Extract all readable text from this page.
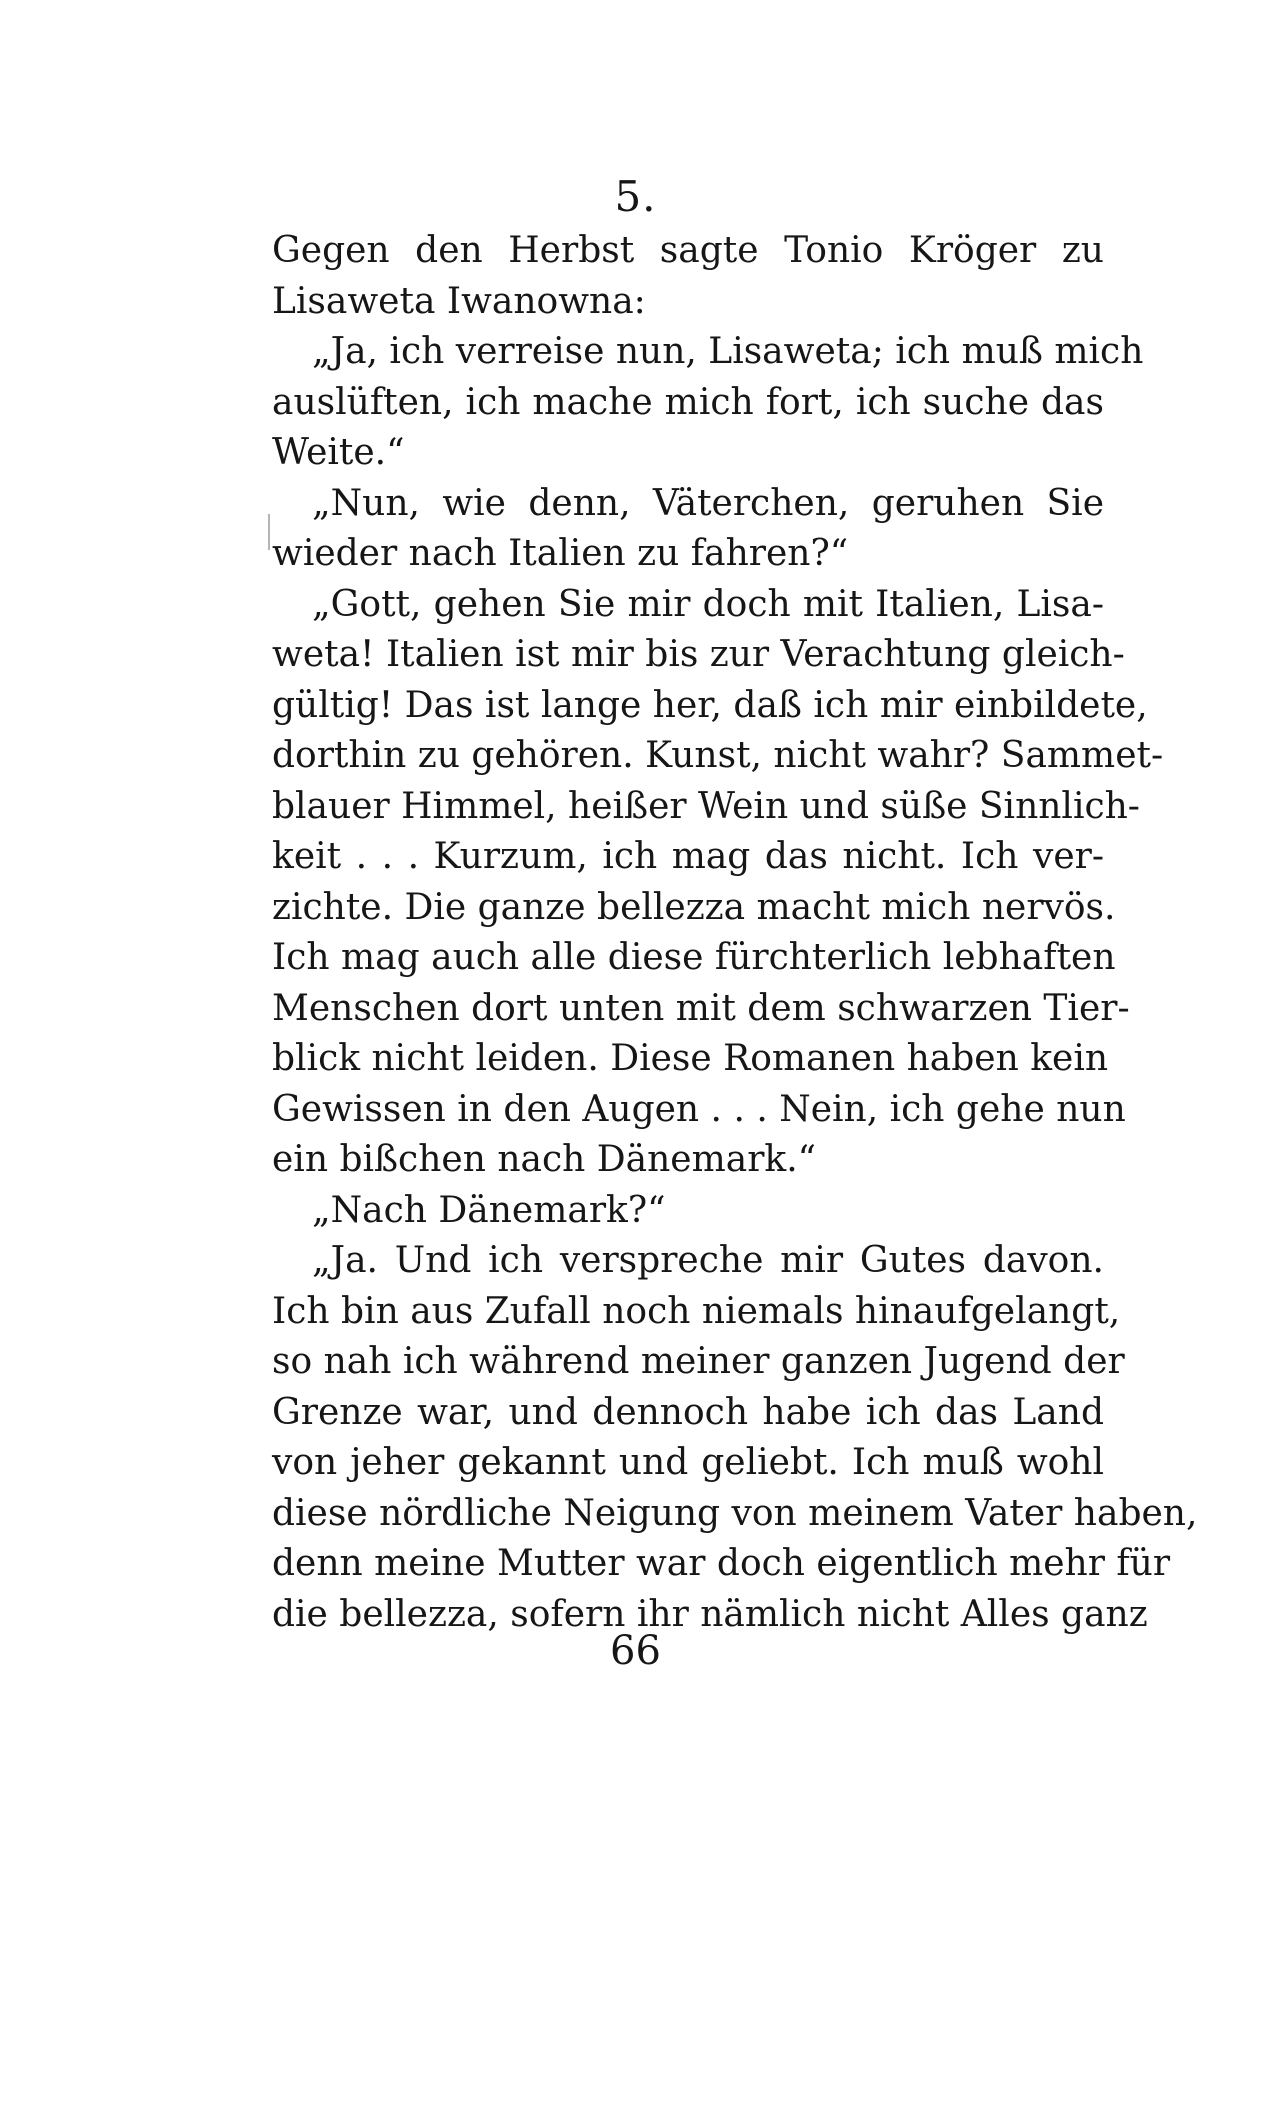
5.
Gegen den Herbst sagte Tonio Kröger zu
Lisaweta Iwanowna:
„Ja, ich verreise nun, Lisaweta; ich muß mich
auslüften, ich mache mich fort, ich suche das
Weite.“
„Nun, wie denn, Väterchen, geruhen Sie
wieder nach Italien zu fahren?“
„Gott, gehen Sie mir doch mit Italien, Lisa-
weta! Italien ist mir bis zur Verachtung gleich-
gültig! Das ist lange her, daß ich mir einbildete,
dorthin zu gehören. Kunst, nicht wahr? Sammet-
blauer Himmel, heißer Wein und süße Sinnlich-
keit . . . Kurzum, ich mag das nicht. Ich ver-
zichte. Die ganze bellezza macht mich nervös.
Ich mag auch alle diese fürchterlich lebhaften
Menschen dort unten mit dem schwarzen Tier-
blick nicht leiden. Diese Romanen haben kein
Gewissen in den Augen . . . Nein, ich gehe nun
ein bißchen nach Dänemark.“
„Nach Dänemark?“
„Ja. Und ich verspreche mir Gutes davon.
Ich bin aus Zufall noch niemals hinaufgelangt,
so nah ich während meiner ganzen Jugend der
Grenze war, und dennoch habe ich das Land
von jeher gekannt und geliebt. Ich muß wohl
diese nördliche Neigung von meinem Vater haben,
denn meine Mutter war doch eigentlich mehr für
die bellezza, sofern ihr nämlich nicht Alles ganz
66
